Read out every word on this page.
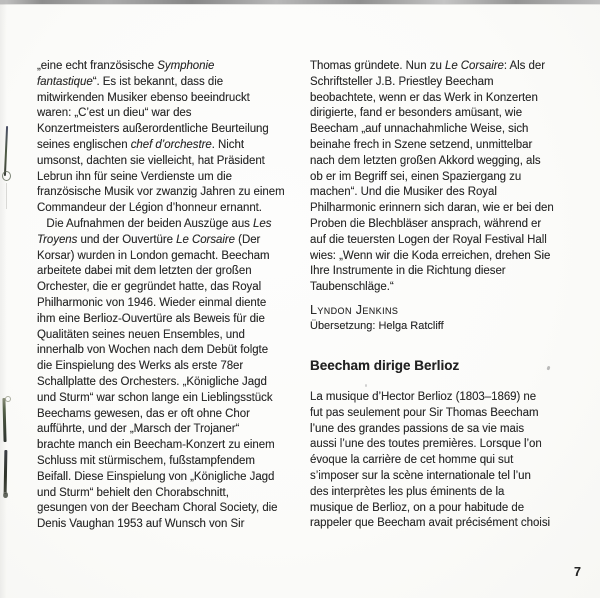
„eine echt französische Symphonie
fantastique“. Es ist bekannt, dass die
mitwirkenden Musiker ebenso beeindruckt
waren: „C’est un dieu“ war des
Konzertmeisters außerordentliche Beurteilung
seines englischen chef d’orchestre. Nicht
umsonst, dachten sie vielleicht, hat Präsident
Lebrun ihn für seine Verdienste um die
französische Musik vor zwanzig Jahren zu einem
Commandeur der Légion d’honneur ernannt.
Die Aufnahmen der beiden Auszüge aus Les
Troyens und der Ouvertüre Le Corsaire (Der
Korsar) wurden in London gemacht. Beecham
arbeitete dabei mit dem letzten der großen
Orchester, die er gegründet hatte, das Royal
Philharmonic von 1946. Wieder einmal diente
ihm eine Berlioz-Ouvertüre als Beweis für die
Qualitäten seines neuen Ensembles, und
innerhalb von Wochen nach dem Debüt folgte
die Einspielung des Werks als erste 78er
Schallplatte des Orchesters. „Königliche Jagd
und Sturm“ war schon lange ein Lieblingsstück
Beechams gewesen, das er oft ohne Chor
aufführte, und der „Marsch der Trojaner“
brachte manch ein Beecham-Konzert zu einem
Schluss mit stürmischem, fußstampfendem
Beifall. Diese Einspielung von „Königliche Jagd
und Sturm“ behielt den Chorabschnitt,
gesungen von der Beecham Choral Society, die
Denis Vaughan 1953 auf Wunsch von Sir
Thomas gründete. Nun zu Le Corsaire: Als der
Schriftsteller J.B. Priestley Beecham
beobachtete, wenn er das Werk in Konzerten
dirigierte, fand er besonders amüsant, wie
Beecham „auf unnachahmliche Weise, sich
beinahe frech in Szene setzend, unmittelbar
nach dem letzten großen Akkord wegging, als
ob er im Begriff sei, einen Spaziergang zu
machen“. Und die Musiker des Royal
Philharmonic erinnern sich daran, wie er bei den
Proben die Blechbläser ansprach, während er
auf die teuersten Logen der Royal Festival Hall
wies: „Wenn wir die Koda erreichen, drehen Sie
Ihre Instrumente in die Richtung dieser
Taubenschläge.“
Lyndon Jenkins
Übersetzung: Helga Ratcliff
Beecham dirige Berlioz
La musique d’Hector Berlioz (1803–1869) ne
fut pas seulement pour Sir Thomas Beecham
l’une des grandes passions de sa vie mais
aussi l’une des toutes premières. Lorsque l’on
évoque la carrière de cet homme qui sut
s’imposer sur la scène internationale tel l’un
des interprètes les plus éminents de la
musique de Berlioz, on a pour habitude de
rappeler que Beecham avait précisément choisi
7
